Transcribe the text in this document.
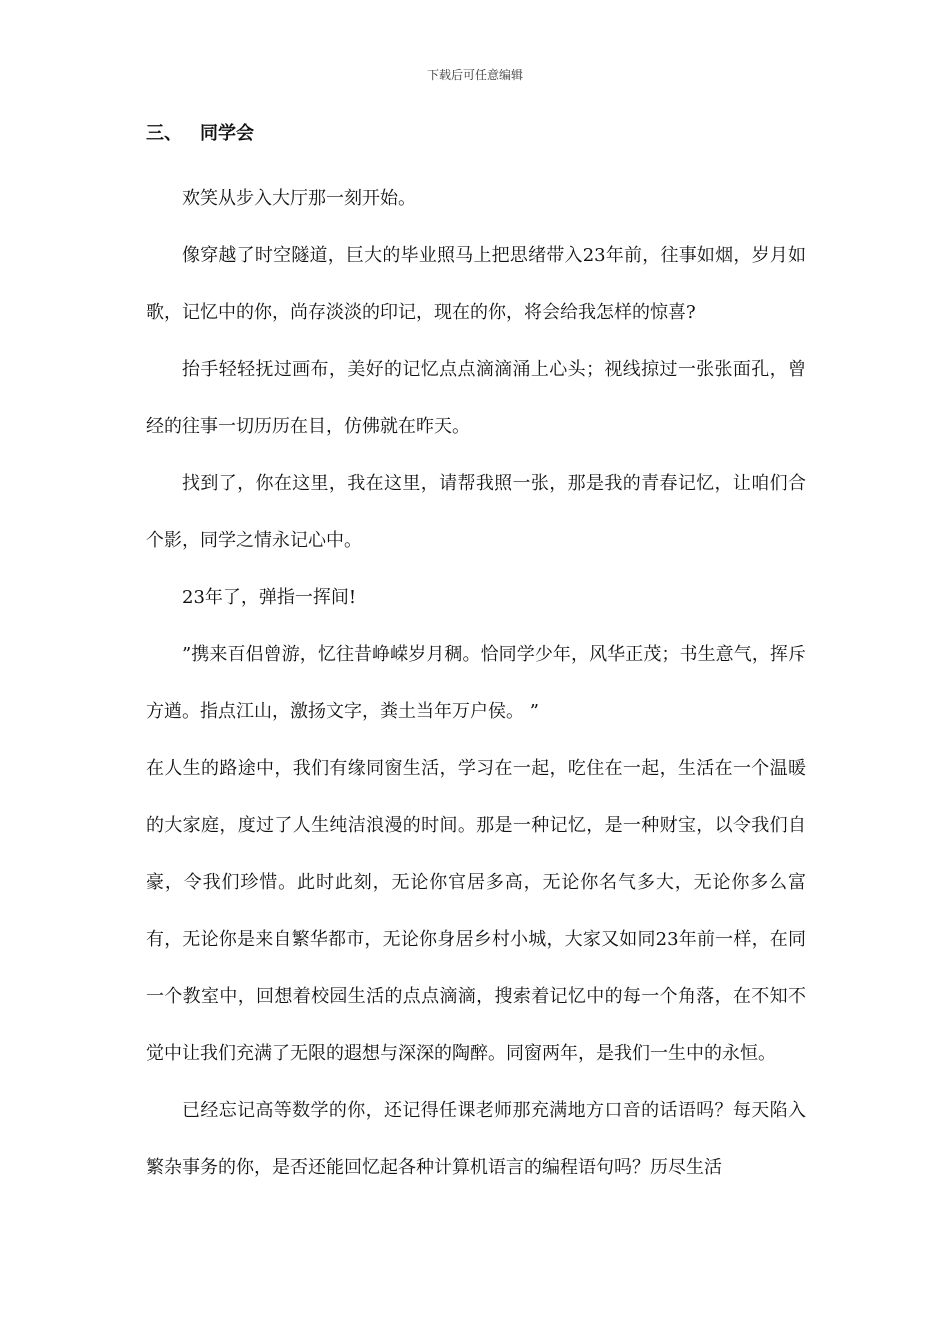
下载后可任意编辑
三、 同学会

欢笑从步入大厅那一刻开始。

像穿越了时空隧道，巨大的毕业照马上把思绪带入23年前，往事如烟，岁月如歌，记忆中的你，尚存淡淡的印记，现在的你，将会给我怎样的惊喜?

抬手轻轻抚过画布，美好的记忆点点滴滴涌上心头；视线掠过一张张面孔，曾经的往事一切历历在目，仿佛就在昨天。

找到了，你在这里，我在这里，请帮我照一张，那是我的青春记忆，让咱们合个影，同学之情永记心中。

23年了，弹指一挥间!

”携来百侣曾游，忆往昔峥嵘岁月稠。恰同学少年，风华正茂；书生意气，挥斥方遒。指点江山，激扬文字，粪土当年万户侯。 ”

在人生的路途中，我们有缘同窗生活，学习在一起，吃住在一起，生活在一个温暖的大家庭，度过了人生纯洁浪漫的时间。那是一种记忆，是一种财宝，以令我们自豪，令我们珍惜。此时此刻，无论你官居多高，无论你名气多大，无论你多么富有，无论你是来自繁华都市，无论你身居乡村小城，大家又如同23年前一样，在同一个教室中，回想着校园生活的点点滴滴，搜索着记忆中的每一个角落，在不知不觉中让我们充满了无限的遐想与深深的陶醉。同窗两年，是我们一生中的永恒。

已经忘记高等数学的你，还记得任课老师那充满地方口音的话语吗？每天陷入繁杂事务的你，是否还能回忆起各种计算机语言的编程语句吗？历尽生活
